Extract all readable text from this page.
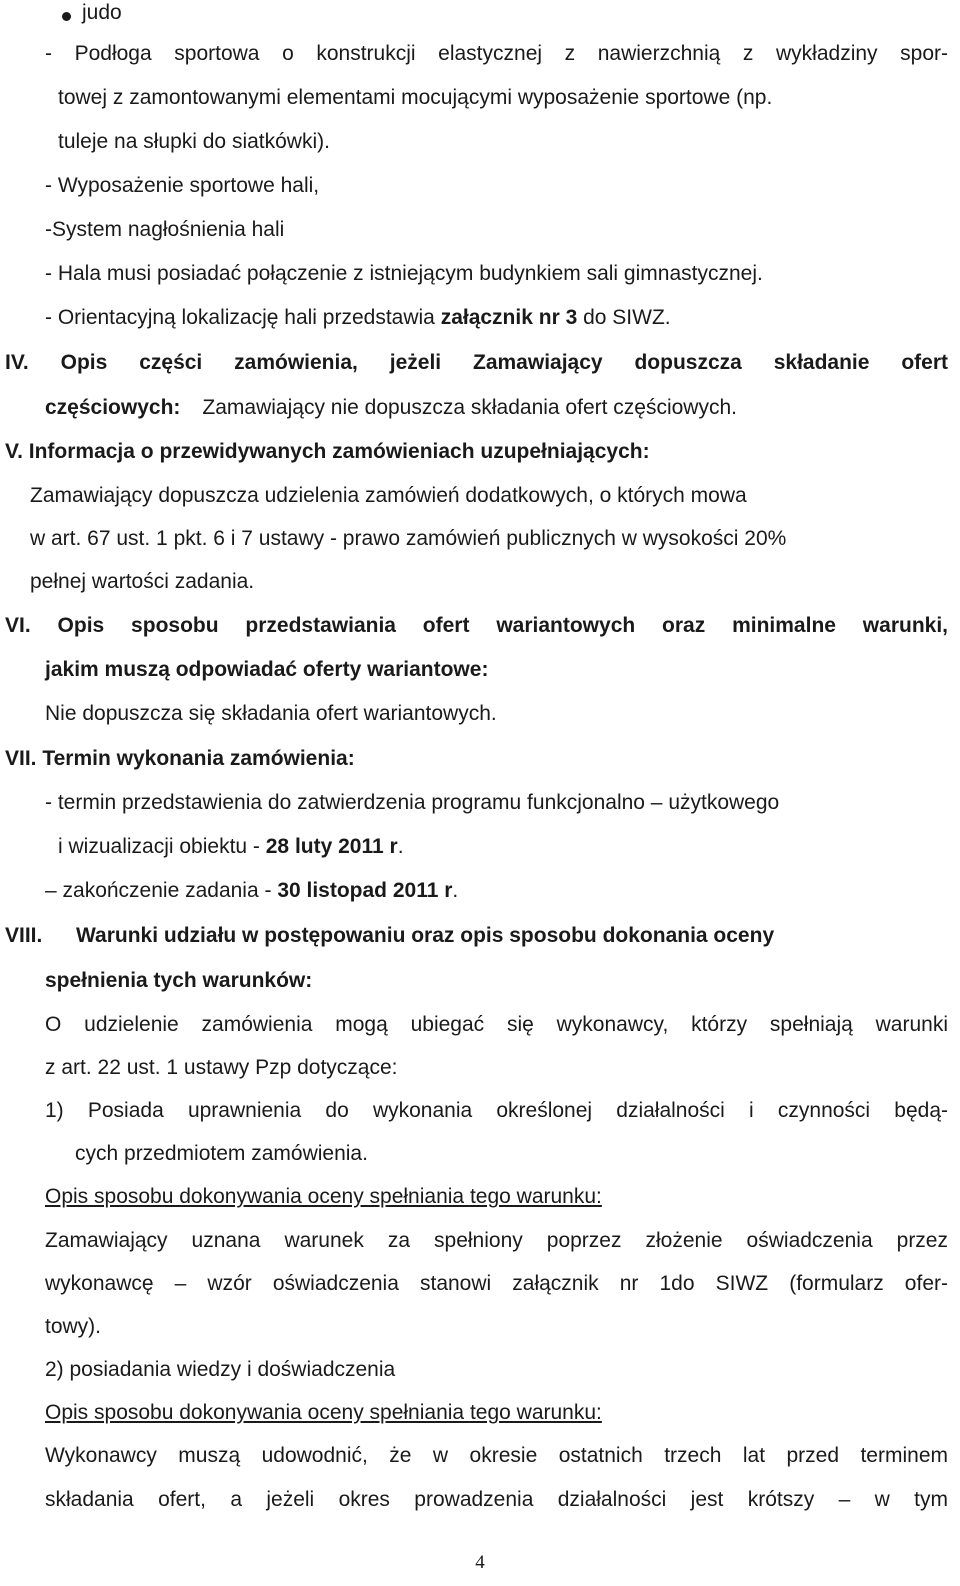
judo
- Podłoga sportowa o konstrukcji elastycznej z nawierzchnią z wykładziny spor-
towej z zamontowanymi elementami mocującymi wyposażenie sportowe (np.
tuleje na słupki do siatkówki).
- Wyposażenie sportowe hali,
-System nagłośnienia hali
- Hala musi posiadać połączenie z istniejącym budynkiem sali gimnastycznej.
- Orientacyjną lokalizację hali przedstawia załącznik nr 3 do SIWZ.
IV. Opis części zamówienia, jeżeli Zamawiający dopuszcza składanie ofert
częściowych: Zamawiający nie dopuszcza składania ofert częściowych.
V. Informacja o przewidywanych zamówieniach uzupełniających:
Zamawiający dopuszcza udzielenia zamówień dodatkowych, o których mowa
w art. 67 ust. 1 pkt. 6 i 7 ustawy - prawo zamówień publicznych w wysokości 20%
pełnej wartości zadania.
VI. Opis sposobu przedstawiania ofert wariantowych oraz minimalne warunki,
jakim muszą odpowiadać oferty wariantowe:
Nie dopuszcza się składania ofert wariantowych.
VII. Termin wykonania zamówienia:
- termin przedstawienia do zatwierdzenia programu funkcjonalno – użytkowego
i wizualizacji obiektu - 28 luty 2011 r.
– zakończenie zadania - 30 listopad 2011 r.
VIII. Warunki udziału w postępowaniu oraz opis sposobu dokonania oceny
spełnienia tych warunków:
O udzielenie zamówienia mogą ubiegać się wykonawcy, którzy spełniają warunki
z art. 22 ust. 1 ustawy Pzp dotyczące:
1) Posiada uprawnienia do wykonania określonej działalności i czynności będą-
cych przedmiotem zamówienia.
Opis sposobu dokonywania oceny spełniania tego warunku:
Zamawiający uznana warunek za spełniony poprzez złożenie oświadczenia przez
wykonawcę – wzór oświadczenia stanowi załącznik nr 1do SIWZ (formularz ofer-
towy).
2) posiadania wiedzy i doświadczenia
Opis sposobu dokonywania oceny spełniania tego warunku:
Wykonawcy muszą udowodnić, że w okresie ostatnich trzech lat przed terminem
składania ofert, a jeżeli okres prowadzenia działalności jest krótszy – w tym
4
